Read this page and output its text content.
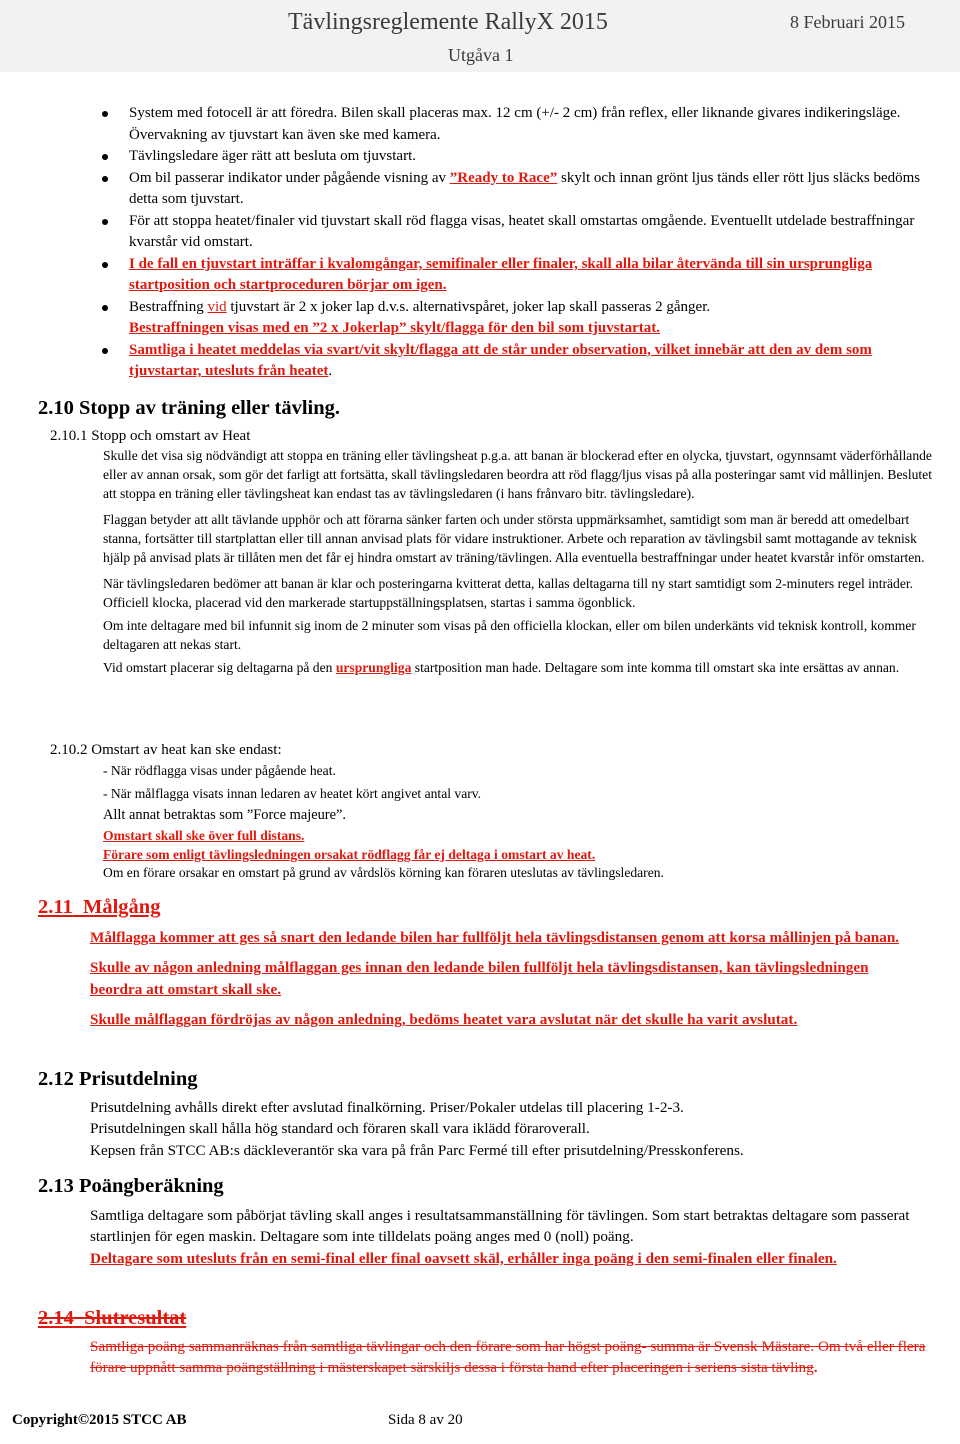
Tävlingsreglemente RallyX 2015	8 Februari 2015
Utgåva 1
System med fotocell är att föredra. Bilen skall placeras max. 12 cm (+/- 2 cm) från reflex, eller liknande givares indikeringsläge. Övervakning av tjuvstart kan även ske med kamera.
Tävlingsledare äger rätt att besluta om tjuvstart.
Om bil passerar indikator under pågående visning av ”Ready to Race” skylt och innan grönt ljus tänds eller rött ljus släcks bedöms detta som tjuvstart.
För att stoppa heatet/finaler vid tjuvstart skall röd flagga visas, heatet skall omstartas omgående. Eventuellt utdelade bestraffningar kvarstår vid omstart.
I de fall en tjuvstart inträffar i kvalomgångar, semifinaler eller finaler, skall alla bilar återvända till sin ursprungliga startposition och startproceduren börjar om igen.
Bestraffning vid tjuvstart är 2 x joker lap d.v.s. alternativspåret, joker lap skall passeras 2 gånger.
Bestraffningen visas med en ”2 x Jokerlap” skylt/flagga för den bil som tjuvstartat.
Samtliga i heatet meddelas via svart/vit skylt/flagga att de står under observation, vilket innebär att den av dem som tjuvstartar, utesluts från heatet.
2.10 Stopp av träning eller tävling.
2.10.1 Stopp och omstart av Heat

Skulle det visa sig nödvändigt att stoppa en träning eller tävlingsheat p.g.a. att banan är blockerad efter en olycka, tjuvstart, ogynnsamt väderförhållande eller av annan orsak, som gör det farligt att fortsätta, skall tävlingsledaren beordra att röd flagg/ljus visas på alla posteringar samt vid mållinjen. Beslutet att stoppa en träning eller tävlingsheat kan endast tas av tävlingsledaren (i hans frånvaro bitr. tävlingsledare).

Flaggan betyder att allt tävlande upphör och att förarna sänker farten och under största uppmärksamhet, samtidigt som man är beredd att omedelbart stanna, fortsätter till startplattan eller till annan anvisad plats för vidare instruktioner. Arbete och reparation av tävlingsbil samt mottagande av teknisk hjälp på anvisad plats är tillåten men det får ej hindra omstart av träning/tävlingen. Alla eventuella bestraffningar under heatet kvarstår inför omstarten.

När tävlingsledaren bedömer att banan är klar och posteringarna kvitterat detta, kallas deltagarna till ny start samtidigt som 2-minuters regel inträder. Officiell klocka, placerad vid den markerade startuppställningsplatsen, startas i samma ögonblick.

Om inte deltagare med bil infunnit sig inom de 2 minuter som visas på den officiella klockan, eller om bilen underkänts vid teknisk kontroll, kommer deltagaren att nekas start.

Vid omstart placerar sig deltagarna på den ursprungliga startposition man hade. Deltagare som inte komma till omstart ska inte ersättas av annan.

2.10.2 Omstart av heat kan ske endast:
- När rödflagga visas under pågående heat.
- När målflagga visats innan ledaren av heatet kört angivet antal varv.
Allt annat betraktas som ”Force majeure”.
Omstart skall ske över full distans.
Förare som enligt tävlingsledningen orsakat rödflagg får ej deltaga i omstart av heat.
Om en förare orsakar en omstart på grund av vårdslös körning kan föraren uteslutas av tävlingsledaren.
2.11 Målgång

Målflagga kommer att ges så snart den ledande bilen har fullföljt hela tävlingsdistansen genom att korsa mållinjen på banan.

Skulle av någon anledning målflaggan ges innan den ledande bilen fullföljt hela tävlingsdistansen, kan tävlingsledningen beordra att omstart skall ske.

Skulle målflaggan fördröjas av någon anledning, bedöms heatet vara avslutat när det skulle ha varit avslutat.

2.12 Prisutdelning

Prisutdelning avhålls direkt efter avslutad finalkörning. Priser/Pokaler utdelas till placering 1-2-3.

Prisutdelningen skall hålla hög standard och föraren skall vara iklädd föraroverall.

Kepsen från STCC AB:s däckleverantör ska vara på från Parc Fermé till efter prisutdelning/Presskonferens.

2.13 Poängberäkning

Samtliga deltagare som påbörjat tävling skall anges i resultatsammanställning för tävlingen. Som start betraktas deltagare som passerat startlinjen för egen maskin. Deltagare som inte tilldelats poäng anges med 0 (noll) poäng.

Deltagare som utesluts från en semi-final eller final oavsett skäl, erhåller inga poäng i den semi-finalen eller finalen.

2.14 Slutresultat

Samtliga poäng sammanräknas från samtliga tävlingar och den förare som har högst poäng- summa är Svensk Mästare. Om två eller flera förare uppnått samma poängställning i mästerskapet särskiljs dessa i första hand efter placeringen i seriens sista tävling.

Copyright©2015 STCC AB	Sida 8 av 20
